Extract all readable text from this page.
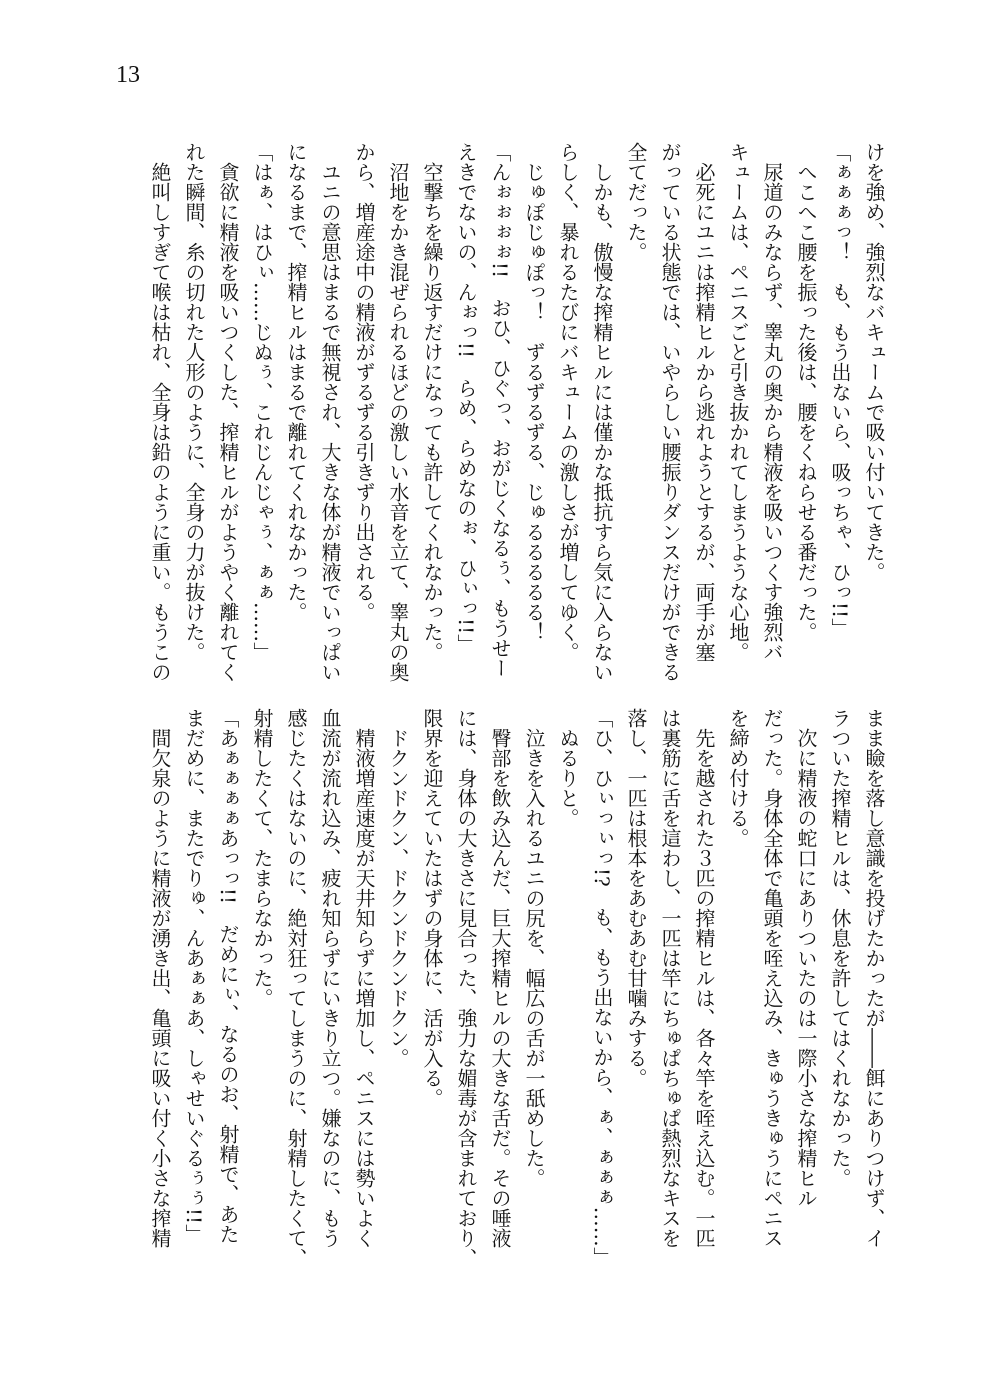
13
けを強め、強烈なバキュームで吸い付いてきた。
「ぁぁぁっ！　も、もう出ないら、吸っちゃ、ひっ!!」
　へこへこ腰を振った後は、腰をくねらせる番だった。
　尿道のみならず、睾丸の奥から精液を吸いつくす強烈バ
キュームは、ペニスごと引き抜かれてしまうような心地。
　必死にユニは搾精ヒルから逃れようとするが、両手が塞
がっている状態では、いやらしい腰振りダンスだけができる
全てだった。
　しかも、傲慢な搾精ヒルには僅かな抵抗すら気に入らない
らしく、暴れるたびにバキュームの激しさが増してゆく。
　じゅぽじゅぽっ！　ずるずるずる、じゅるるるるる！
「んぉぉぉぉ!!　おひ、ひぐっ、おがじくなるぅ、もうせー
えきでないの、んぉっ!!　らめ、らめなのぉ、ひぃっ!!」
　空撃ちを繰り返すだけになっても許してくれなかった。
　沼地をかき混ぜられるほどの激しい水音を立て、睾丸の奥
から、増産途中の精液がずるずる引きずり出される。
　ユニの意思はまるで無視され、大きな体が精液でいっぱい
になるまで、搾精ヒルはまるで離れてくれなかった。
「はぁ、はひぃ……じぬぅ、これじんじゃぅ、ぁぁ……」
　貪欲に精液を吸いつくした、搾精ヒルがようやく離れてく
れた瞬間、糸の切れた人形のように、全身の力が抜けた。
　絶叫しすぎて喉は枯れ、全身は鉛のように重い。もうこの
まま瞼を落し意識を投げたかったが――餌にありつけず、イ
ラついた搾精ヒルは、休息を許してはくれなかった。
　次に精液の蛇口にありついたのは一際小さな搾精ヒル
だった。身体全体で亀頭を咥え込み、きゅうきゅうにペニス
を締め付ける。
　先を越された３匹の搾精ヒルは、各々竿を咥え込む。一匹
は裏筋に舌を這わし、一匹は竿にちゅぱちゅぱ熱烈なキスを
落し、一匹は根本をあむあむ甘噛みする。
「ひ、ひぃっぃっ!?　も、もう出ないから、ぁ、ぁぁぁ……」
　ぬるりと。
　泣きを入れるユニの尻を、幅広の舌が一舐めした。
　臀部を飲み込んだ、巨大搾精ヒルの大きな舌だ。その唾液
には、身体の大きさに見合った、強力な媚毒が含まれており、
限界を迎えていたはずの身体に、活が入る。
　ドクンドクン、ドクンドクンドクン。
　精液増産速度が天井知らずに増加し、ペニスには勢いよく
血流が流れ込み、疲れ知らずにいきり立つ。嫌なのに、もう
感じたくはないのに、絶対狂ってしまうのに、射精したくて、
射精したくて、たまらなかった。
「あぁぁぁぁあっっ!!　だめにぃ、なるのお、射精で、あた
まだめに、またでりゅ、んあぁぁあ、しゃせいぐるぅぅ!!」
　間欠泉のように精液が湧き出、亀頭に吸い付く小さな搾精
